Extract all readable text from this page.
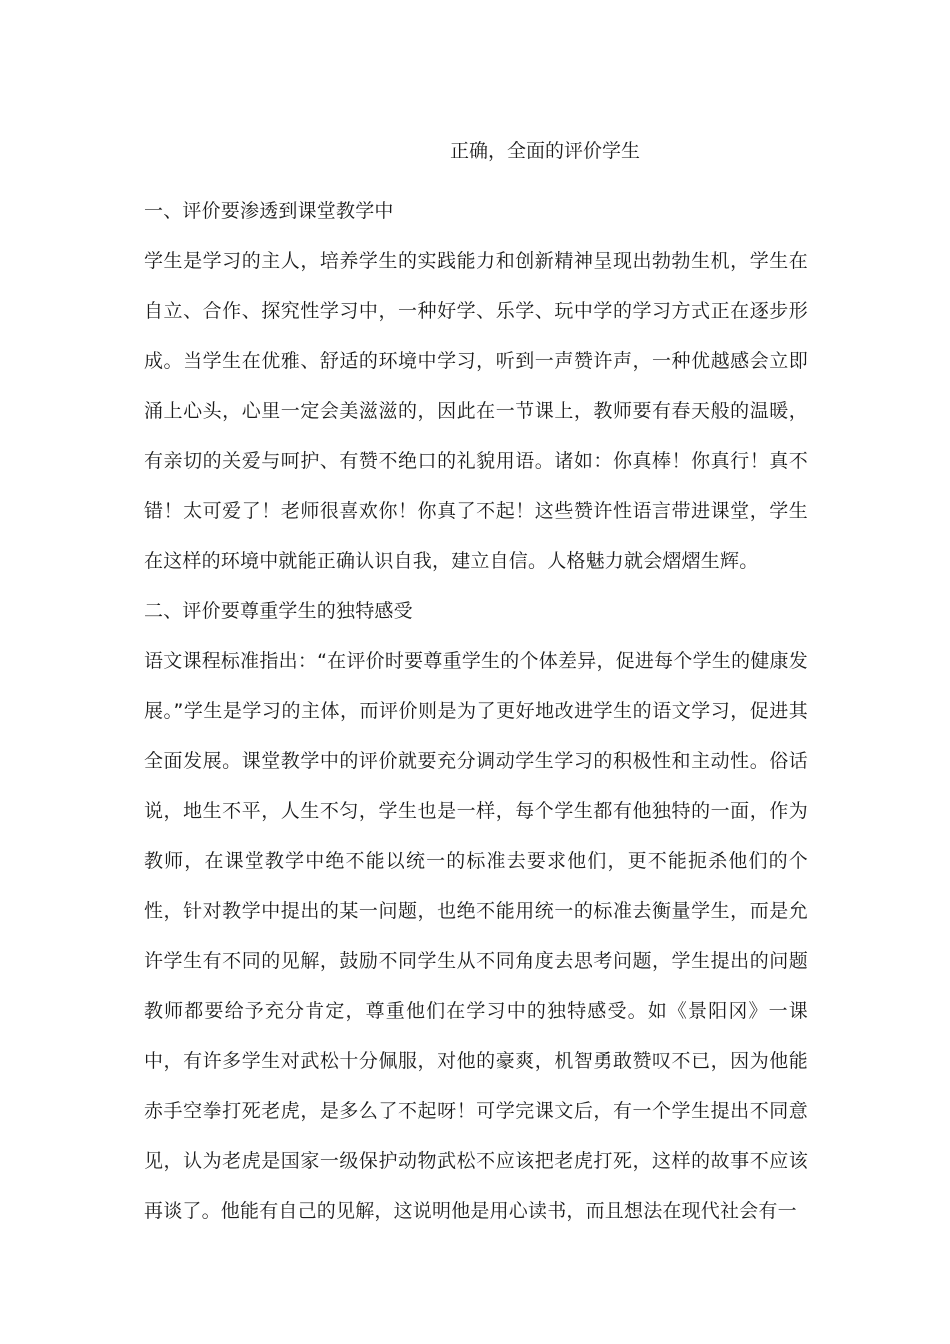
正确，全面的评价学生
一、评价要渗透到课堂教学中

学生是学习的主人，培养学生的实践能力和创新精神呈现出勃勃生机，学生在自立、合作、探究性学习中，一种好学、乐学、玩中学的学习方式正在逐步形成。当学生在优雅、舒适的环境中学习，听到一声赞许声，一种优越感会立即涌上心头，心里一定会美滋滋的，因此在一节课上，教师要有春天般的温暖，有亲切的关爱与呵护、有赞不绝口的礼貌用语。诸如：你真棒！你真行！真不错！太可爱了！老师很喜欢你！你真了不起！这些赞许性语言带进课堂，学生在这样的环境中就能正确认识自我，建立自信。人格魅力就会熠熠生辉。

二、评价要尊重学生的独特感受

语文课程标准指出：“在评价时要尊重学生的个体差异，促进每个学生的健康发展。”学生是学习的主体，而评价则是为了更好地改进学生的语文学习，促进其全面发展。课堂教学中的评价就要充分调动学生学习的积极性和主动性。俗话说，地生不平，人生不匀，学生也是一样，每个学生都有他独特的一面，作为教师，在课堂教学中绝不能以统一的标准去要求他们，更不能扼杀他们的个性，针对教学中提出的某一问题，也绝不能用统一的标准去衡量学生，而是允许学生有不同的见解，鼓励不同学生从不同角度去思考问题，学生提出的问题教师都要给予充分肯定，尊重他们在学习中的独特感受。如《景阳冈》一课中，有许多学生对武松十分佩服，对他的豪爽，机智勇敢赞叹不已，因为他能赤手空拳打死老虎，是多么了不起呀！可学完课文后，有一个学生提出不同意见，认为老虎是国家一级保护动物武松不应该把老虎打死，这样的故事不应该再谈了。他能有自己的见解，这说明他是用心读书，而且想法在现代社会有一
